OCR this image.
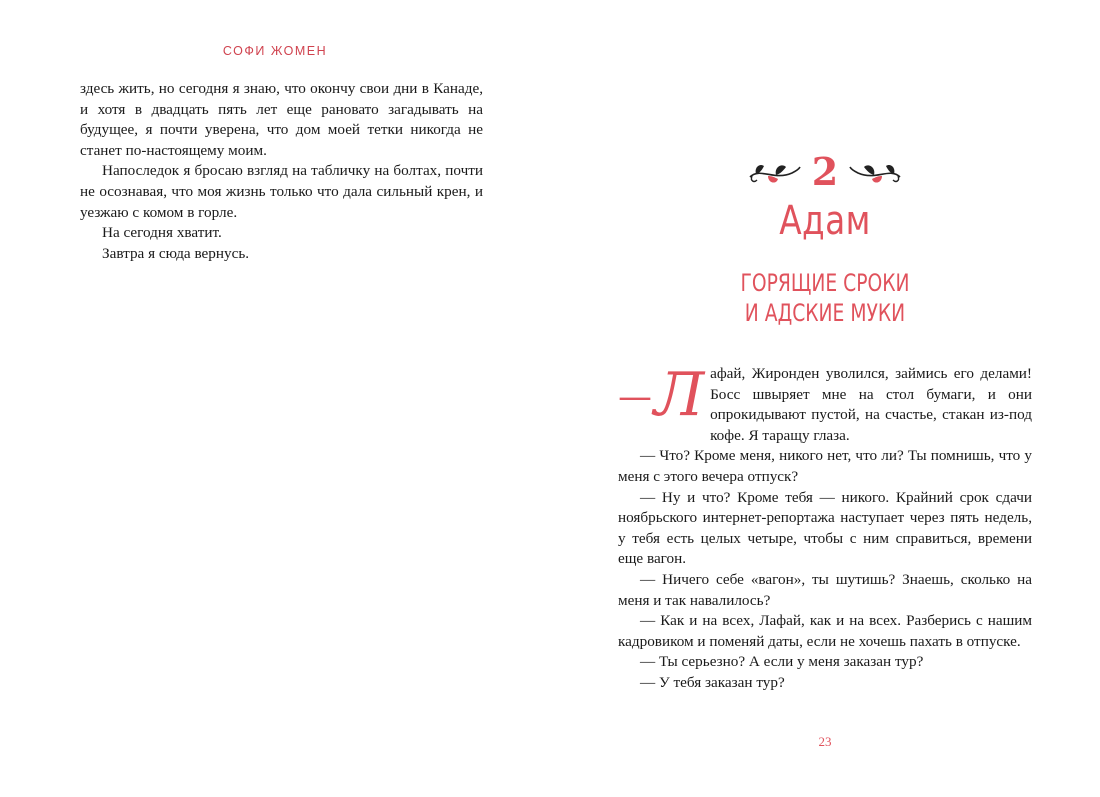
СОФИ ЖОМЕН

здесь жить, но сегодня я знаю, что окончу свои дни в Канаде, и хотя в двадцать пять лет еще рановато загадывать на будущее, я почти уверена, что дом моей тетки никогда не станет по-настоящему моим.

Напоследок я бросаю взгляд на табличку на болтах, почти не осознавая, что моя жизнь только что дала сильный крен, и уезжаю с комом в горле.

На сегодня хватит.

Завтра я сюда вернусь.

2
Адам
ГОРЯЩИЕ СРОКИ
И АДСКИЕ МУКИ

— Л афай, Жиронден уволился, займись его делами! Босс швыряет мне на стол бумаги, и они опрокидывают пустой, на счастье, стакан из-под кофе. Я таращу глаза.

— Что? Кроме меня, никого нет, что ли? Ты помнишь, что у меня с этого вечера отпуск?

— Ну и что? Кроме тебя — никого. Крайний срок сдачи ноябрьского интернет-репортажа наступает через пять недель, у тебя есть целых четыре, чтобы с ним справиться, времени еще вагон.

— Ничего себе «вагон», ты шутишь? Знаешь, сколько на меня и так навалилось?

— Как и на всех, Лафай, как и на всех. Разберись с нашим кадровиком и поменяй даты, если не хочешь пахать в отпуске.

— Ты серьезно? А если у меня заказан тур?

— У тебя заказан тур?

23
